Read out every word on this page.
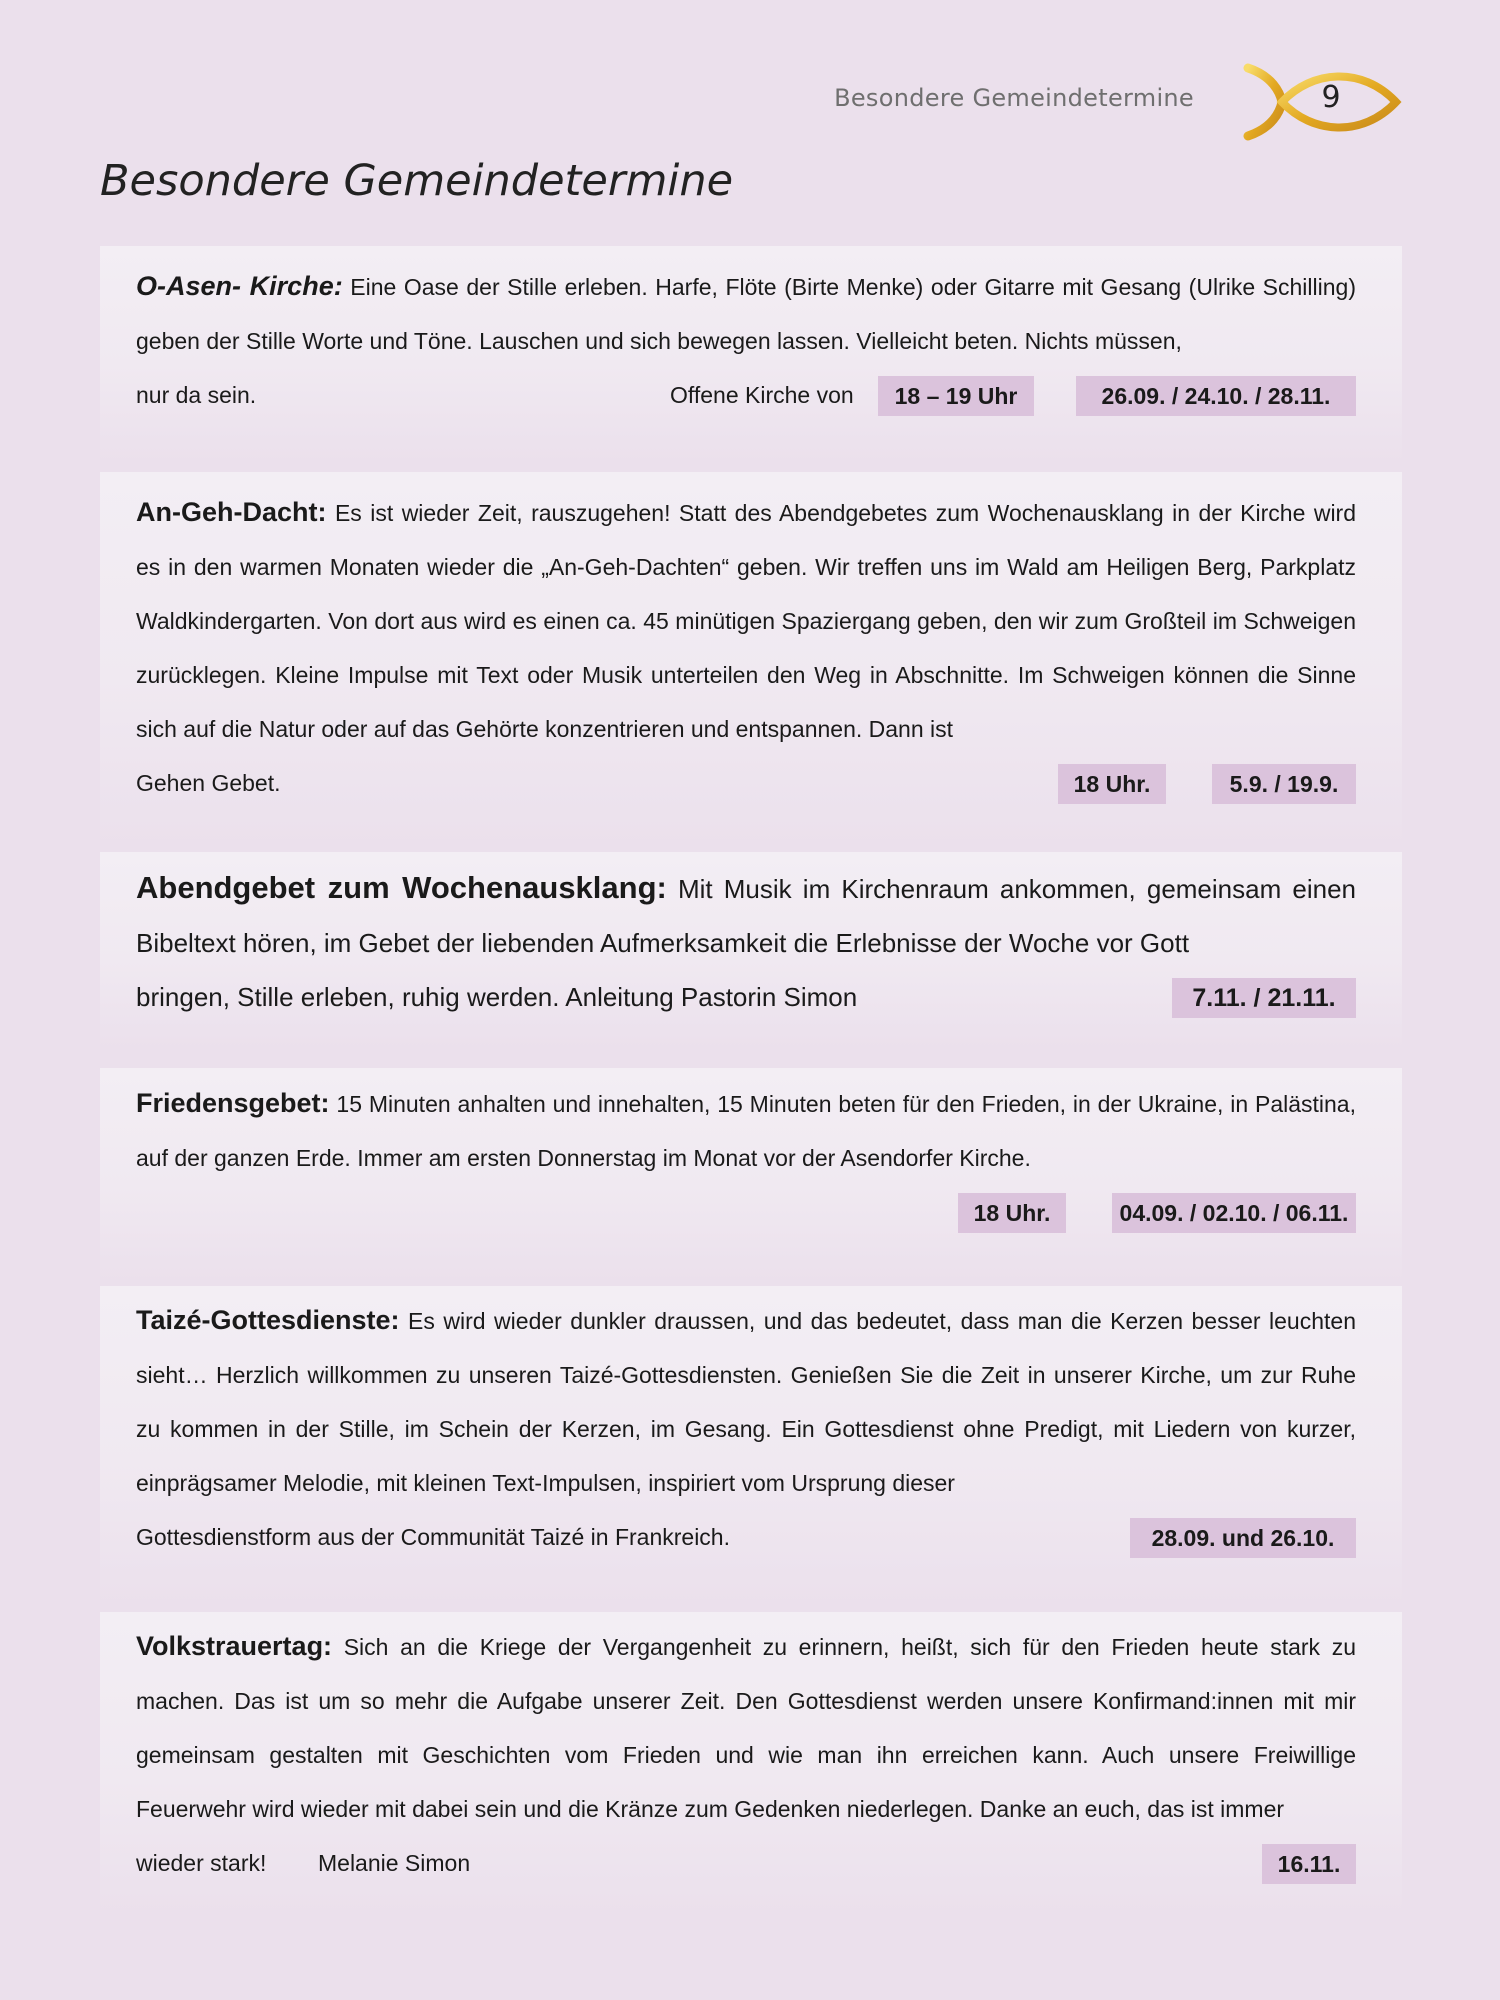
Besondere Gemeindetermine	9
Besondere Gemeindetermine

O-Asen- Kirche: Eine Oase der Stille erleben. Harfe, Flöte (Birte Menke) oder Gitarre mit Gesang (Ulrike Schilling) geben der Stille Worte und Töne. Lauschen und sich bewegen lassen. Vielleicht beten. Nichts müssen,

nur da sein.	Offene Kirche von	18 – 19 Uhr	26.09. / 24.10. / 28.11.

An-Geh-Dacht: Es ist wieder Zeit, rauszugehen! Statt des Abendgebetes zum Wochenausklang in der Kirche wird es in den warmen Monaten wieder die „An-Geh-Dachten“ geben. Wir treffen uns im Wald am Heiligen Berg, Parkplatz Waldkindergarten. Von dort aus wird es einen ca. 45 minütigen Spaziergang geben, den wir zum Großteil im Schweigen zurücklegen. Kleine Impulse mit Text oder Musik unterteilen den Weg in Abschnitte. Im Schweigen können die Sinne sich auf die Natur oder auf das Gehörte konzentrieren und entspannen. Dann ist

Gehen Gebet.	18 Uhr.	5.9. / 19.9.

Abendgebet zum Wochenausklang: Mit Musik im Kirchenraum ankommen, gemeinsam einen Bibeltext hören, im Gebet der liebenden Aufmerksamkeit die Erlebnisse der Woche vor Gott

bringen, Stille erleben, ruhig werden. Anleitung Pastorin Simon	7.11. / 21.11.

Friedensgebet: 15 Minuten anhalten und innehalten, 15 Minuten beten für den Frieden, in der Ukraine, in Palästina, auf der ganzen Erde. Immer am ersten Donnerstag im Monat vor der Asendorfer Kirche.

18 Uhr.	04.09. / 02.10. / 06.11.

Taizé-Gottesdienste: Es wird wieder dunkler draussen, und das bedeutet, dass man die Kerzen besser leuchten sieht… Herzlich willkommen zu unseren Taizé-Gottesdiensten. Genießen Sie die Zeit in unserer Kirche, um zur Ruhe zu kommen in der Stille, im Schein der Kerzen, im Gesang. Ein Gottesdienst ohne Predigt, mit Liedern von kurzer, einprägsamer Melodie, mit kleinen Text-Impulsen, inspiriert vom Ursprung dieser

Gottesdienstform aus der Communität Taizé in Frankreich.	28.09. und 26.10.

Volkstrauertag: Sich an die Kriege der Vergangenheit zu erinnern, heißt, sich für den Frieden heute stark zu machen. Das ist um so mehr die Aufgabe unserer Zeit. Den Gottesdienst werden unsere Konfirmand:innen mit mir gemeinsam gestalten mit Geschichten vom Frieden und wie man ihn erreichen kann. Auch unsere Freiwillige Feuerwehr wird wieder mit dabei sein und die Kränze zum Gedenken niederlegen. Danke an euch, das ist immer

wieder stark! Melanie Simon	16.11.
